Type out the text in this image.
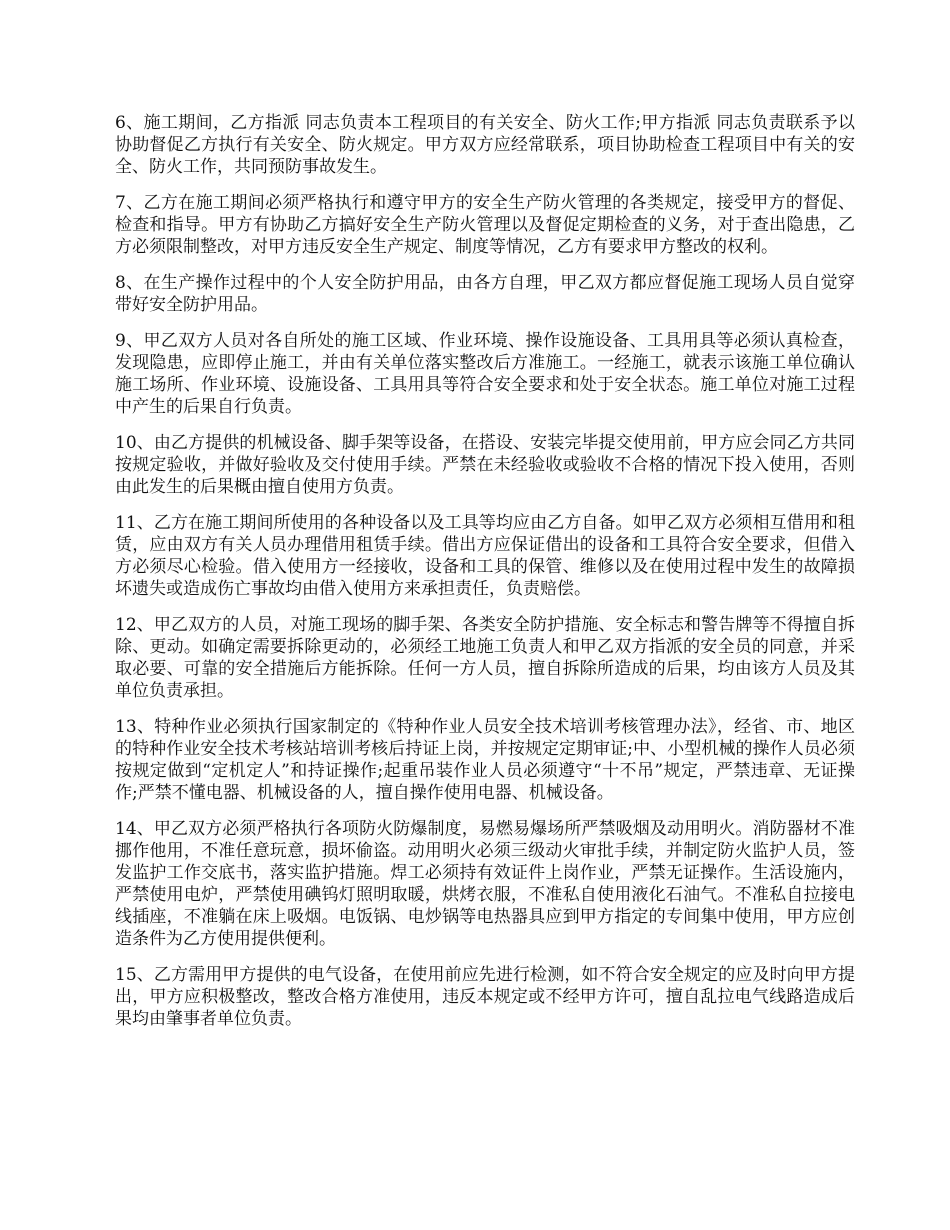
6、施工期间，乙方指派 同志负责本工程项目的有关安全、防火工作;甲方指派 同志负责联系予以协助督促乙方执行有关安全、防火规定。甲方双方应经常联系，项目协助检查工程项目中有关的安全、防火工作，共同预防事故发生。

7、乙方在施工期间必须严格执行和遵守甲方的安全生产防火管理的各类规定，接受甲方的督促、检查和指导。甲方有协助乙方搞好安全生产防火管理以及督促定期检查的义务，对于查出隐患，乙方必须限制整改，对甲方违反安全生产规定、制度等情况，乙方有要求甲方整改的权利。

8、在生产操作过程中的个人安全防护用品，由各方自理，甲乙双方都应督促施工现场人员自觉穿带好安全防护用品。

9、甲乙双方人员对各自所处的施工区域、作业环境、操作设施设备、工具用具等必须认真检查，发现隐患，应即停止施工，并由有关单位落实整改后方准施工。一经施工，就表示该施工单位确认施工场所、作业环境、设施设备、工具用具等符合安全要求和处于安全状态。施工单位对施工过程中产生的后果自行负责。

10、由乙方提供的机械设备、脚手架等设备，在搭设、安装完毕提交使用前，甲方应会同乙方共同按规定验收，并做好验收及交付使用手续。严禁在未经验收或验收不合格的情况下投入使用，否则由此发生的后果概由擅自使用方负责。

11、乙方在施工期间所使用的各种设备以及工具等均应由乙方自备。如甲乙双方必须相互借用和租赁，应由双方有关人员办理借用租赁手续。借出方应保证借出的设备和工具符合安全要求，但借入方必须尽心检验。借入使用方一经接收，设备和工具的保管、维修以及在使用过程中发生的故障损坏遗失或造成伤亡事故均由借入使用方来承担责任，负责赔偿。

12、甲乙双方的人员，对施工现场的脚手架、各类安全防护措施、安全标志和警告牌等不得擅自拆除、更动。如确定需要拆除更动的，必须经工地施工负责人和甲乙双方指派的安全员的同意，并采取必要、可靠的安全措施后方能拆除。任何一方人员，擅自拆除所造成的后果，均由该方人员及其单位负责承担。

13、特种作业必须执行国家制定的《特种作业人员安全技术培训考核管理办法》，经省、市、地区的特种作业安全技术考核站培训考核后持证上岗，并按规定定期审证;中、小型机械的操作人员必须按规定做到“定机定人”和持证操作;起重吊装作业人员必须遵守“十不吊”规定，严禁违章、无证操作;严禁不懂电器、机械设备的人，擅自操作使用电器、机械设备。

14、甲乙双方必须严格执行各项防火防爆制度，易燃易爆场所严禁吸烟及动用明火。消防器材不准挪作他用，不准任意玩意，损坏偷盗。动用明火必须三级动火审批手续，并制定防火监护人员，签发监护工作交底书，落实监护措施。焊工必须持有效证件上岗作业，严禁无证操作。生活设施内，严禁使用电炉，严禁使用碘钨灯照明取暖，烘烤衣服，不准私自使用液化石油气。不准私自拉接电线插座，不准躺在床上吸烟。电饭锅、电炒锅等电热器具应到甲方指定的专间集中使用，甲方应创造条件为乙方使用提供便利。

15、乙方需用甲方提供的电气设备，在使用前应先进行检测，如不符合安全规定的应及时向甲方提出，甲方应积极整改，整改合格方准使用，违反本规定或不经甲方许可，擅自乱拉电气线路造成后果均由肇事者单位负责。
